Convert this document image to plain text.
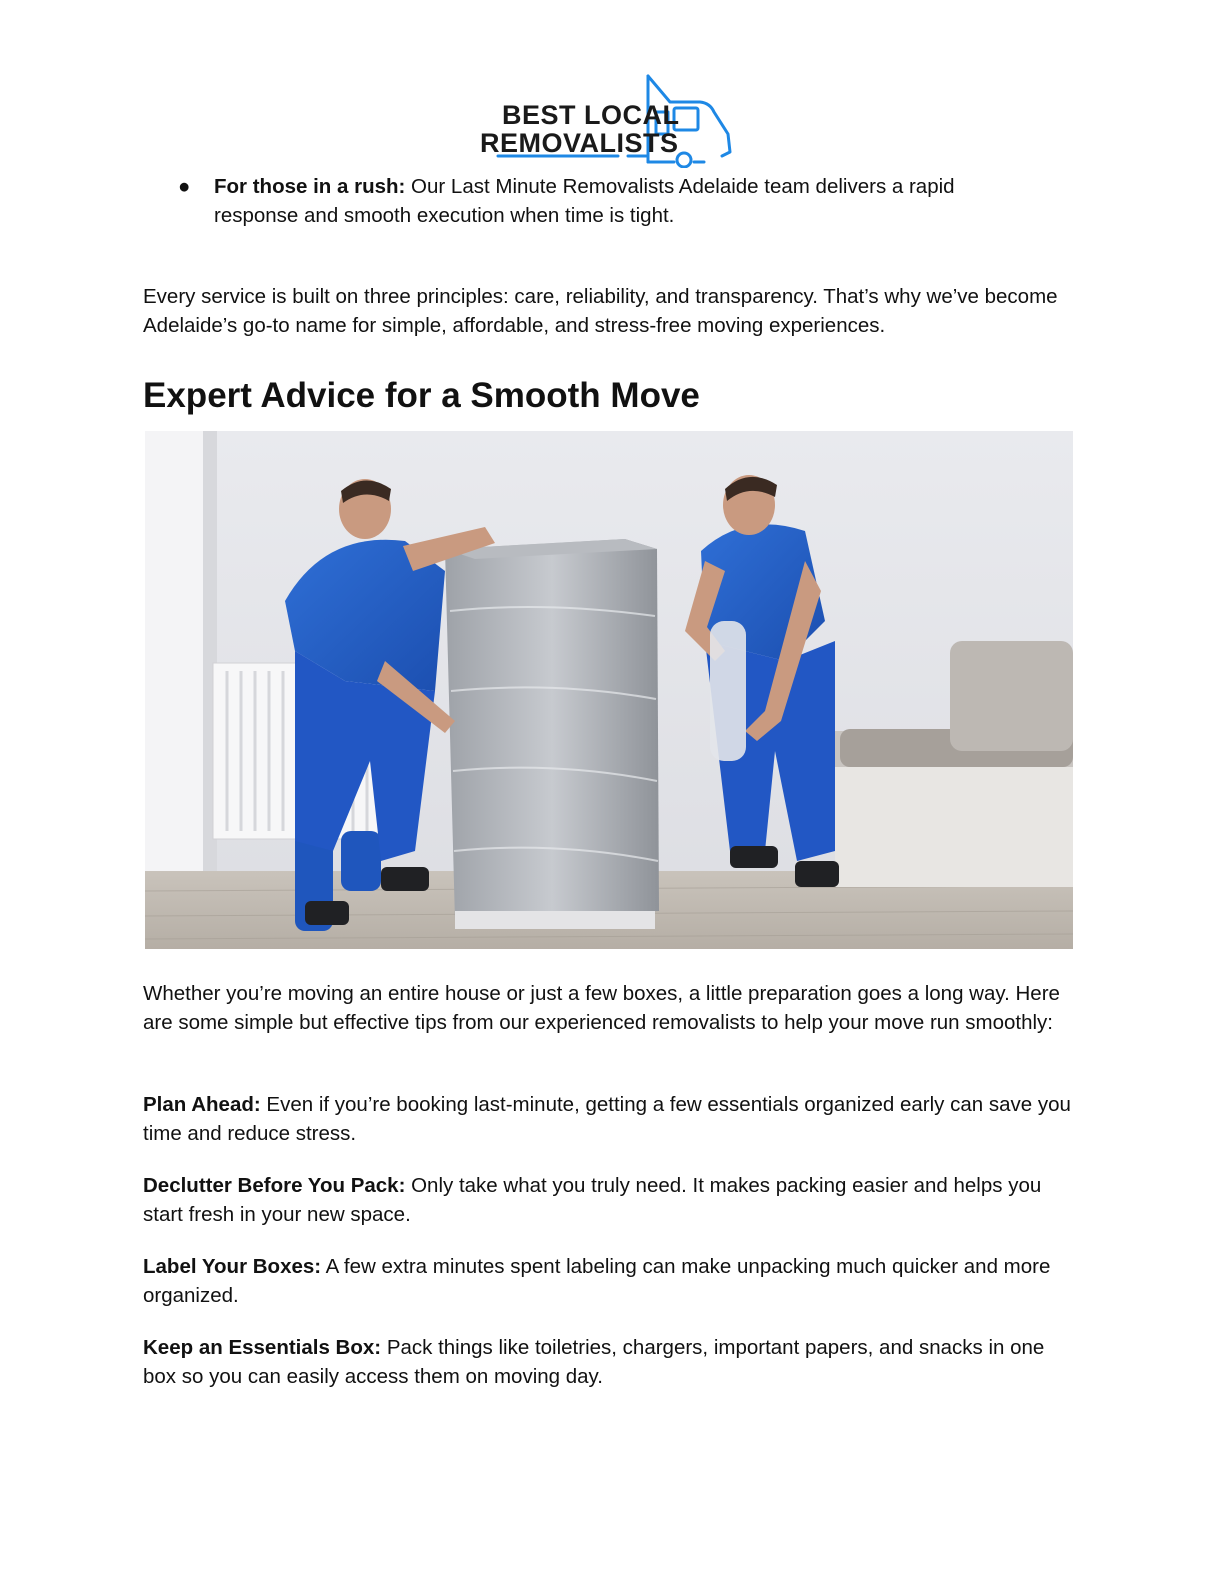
BEST LOCAL
REMOVALISTS
● For those in a rush: Our Last Minute Removalists Adelaide team delivers a rapid response and smooth execution when time is tight.

Every service is built on three principles: care, reliability, and transparency. That’s why we’ve become Adelaide’s go-to name for simple, affordable, and stress-free moving experiences.

Expert Advice for a Smooth Move

Whether you’re moving an entire house or just a few boxes, a little preparation goes a long way. Here are some simple but effective tips from our experienced removalists to help your move run smoothly:

Plan Ahead: Even if you’re booking last-minute, getting a few essentials organized early can save you time and reduce stress.

Declutter Before You Pack: Only take what you truly need. It makes packing easier and helps you start fresh in your new space.

Label Your Boxes: A few extra minutes spent labeling can make unpacking much quicker and more organized.

Keep an Essentials Box: Pack things like toiletries, chargers, important papers, and snacks in one box so you can easily access them on moving day.
